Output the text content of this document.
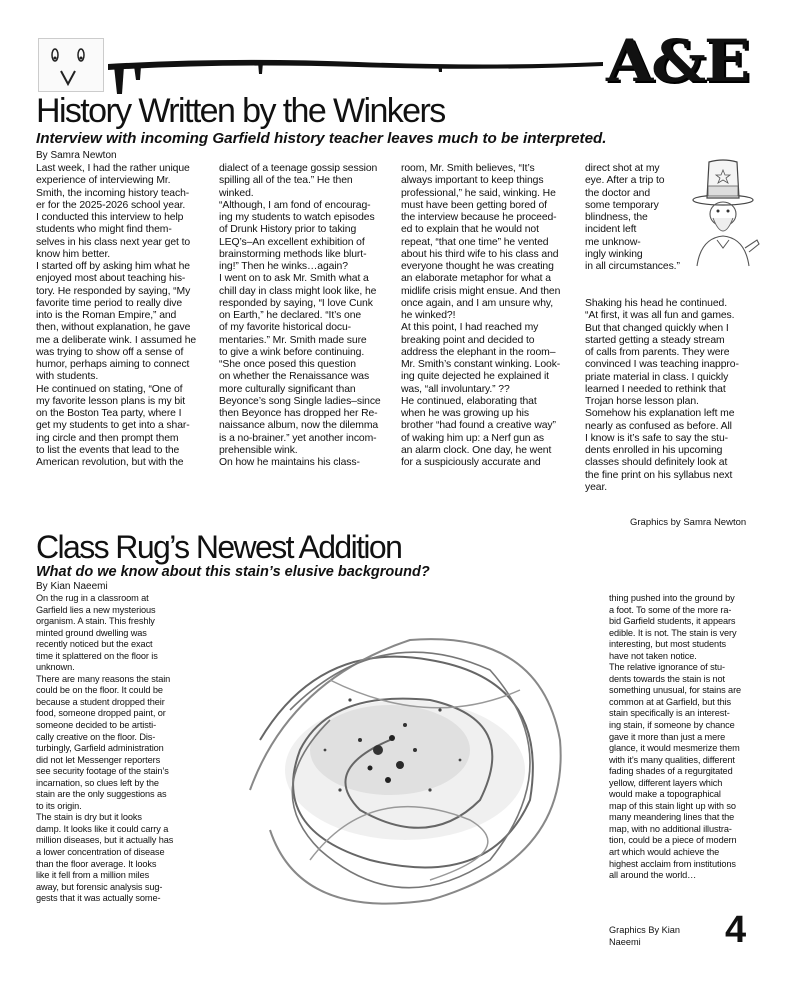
A&E
History Written by the Winkers
Interview with incoming Garfield history teacher leaves much to be interpreted.
By Samra Newton
Last week, I had the rather unique
experience of interviewing Mr.
Smith, the incoming history teach-
er for the 2025-2026 school year.
I conducted this interview to help
students who might find them-
selves in his class next year get to
know him better.
I started off by asking him what he
enjoyed most about teaching his-
tory. He responded by saying, “My
favorite time period to really dive
into is the Roman Empire,” and
then, without explanation, he gave
me a deliberate wink. I assumed he
was trying to show off a sense of
humor, perhaps aiming to connect
with students.
He continued on stating, “One of
my favorite lesson plans is my bit
on the Boston Tea party, where I
get my students to get into a shar-
ing circle and then prompt them
to list the events that lead to the
American revolution, but with the
dialect of a teenage gossip session
spilling all of the tea.” He then
winked.
“Although, I am fond of encourag-
ing my students to watch episodes
of Drunk History prior to taking
LEQ’s–An excellent exhibition of
brainstorming methods like blurt-
ing!” Then he winks…again?
I went on to ask Mr. Smith what a
chill day in class might look like, he
responded by saying, “I love Cunk
on Earth,” he declared. “It’s one
of my favorite historical docu-
mentaries.” Mr. Smith made sure
to give a wink before continuing.
“She once posed this question
on whether the Renaissance was
more culturally significant than
Beyonce’s song Single ladies–since
then Beyonce has dropped her Re-
naissance album, now the dilemma
is a no-brainer.” yet another incom-
prehensible wink.
On how he maintains his class-
room, Mr. Smith believes, “It’s
always important to keep things
professional,” he said, winking. He
must have been getting bored of
the interview because he proceed-
ed to explain that he would not
repeat, “that one time” he vented
about his third wife to his class and
everyone thought he was creating
an elaborate metaphor for what a
midlife crisis might ensue. And then
once again, and I am unsure why,
he winked?!
At this point, I had reached my
breaking point and decided to
address the elephant in the room–
Mr. Smith’s constant winking. Look-
ing quite dejected he explained it
was, “all involuntary.” ??
He continued, elaborating that
when he was growing up his
brother “had found a creative way”
of waking him up: a Nerf gun as
an alarm clock. One day, he went
for a suspiciously accurate and
direct shot at my
eye. After a trip to
the doctor and
some temporary
blindness, the
incident left
me unknow-
ingly winking
in all circumstances.”
Shaking his head he continued.
“At first, it was all fun and games.
But that changed quickly when I
started getting a steady stream
of calls from parents. They were
convinced I was teaching inappro-
priate material in class. I quickly
learned I needed to rethink that
Trojan horse lesson plan.
Somehow his explanation left me
nearly as confused as before. All
I know is it’s safe to say the stu-
dents enrolled in his upcoming
classes should definitely look at
the fine print on his syllabus next
year.
Graphics by Samra Newton
Class Rug’s Newest Addition
What do we know about this stain’s elusive background?
By Kian Naeemi
On the rug in a classroom at
Garfield lies a new mysterious
organism. A stain. This freshly
minted ground dwelling was
recently noticed but the exact
time it splattered on the floor is
unknown.
There are many reasons the stain
could be on the floor. It could be
because a student dropped their
food, someone dropped paint, or
someone decided to be artisti-
cally creative on the floor. Dis-
turbingly, Garfield administration
did not let Messenger reporters
see security footage of the stain’s
incarnation, so clues left by the
stain are the only suggestions as
to its origin.
The stain is dry but it looks
damp. It looks like it could carry a
million diseases, but it actually has
a lower concentration of disease
than the floor average. It looks
like it fell from a million miles
away, but forensic analysis sug-
gests that it was actually some-
thing pushed into the ground by
a foot. To some of the more ra-
bid Garfield students, it appears
edible. It is not. The stain is very
interesting, but most students
have not taken notice.
The relative ignorance of stu-
dents towards the stain is not
something unusual, for stains are
common at at Garfield, but this
stain specifically is an interest-
ing stain, if someone by chance
gave it more than just a mere
glance, it would mesmerize them
with it’s many qualities, different
fading shades of a regurgitated
yellow, different layers which
would make a topographical
map of this stain light up with so
many meandering lines that the
map, with no additional illustra-
tion, could be a piece of modern
art which would achieve the
highest acclaim from institutions
all around the world…
Graphics By Kian
Naeemi	4
